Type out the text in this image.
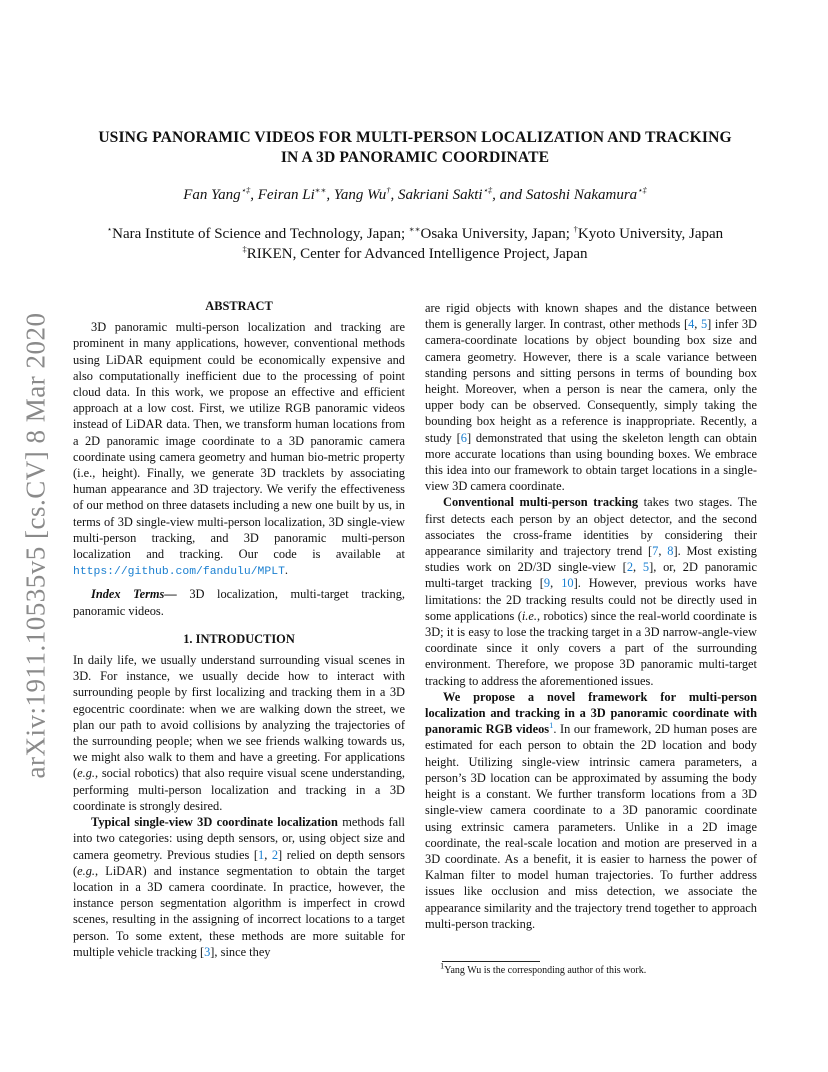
arXiv:1911.10535v5 [cs.CV] 8 Mar 2020
USING PANORAMIC VIDEOS FOR MULTI-PERSON LOCALIZATION AND TRACKING
IN A 3D PANORAMIC COORDINATE
Fan Yang⋆‡, Feiran Li∗∗, Yang Wu†, Sakriani Sakti⋆‡, and Satoshi Nakamura⋆‡
⋆Nara Institute of Science and Technology, Japan; ∗∗Osaka University, Japan; †Kyoto University, Japan
‡RIKEN, Center for Advanced Intelligence Project, Japan
ABSTRACT

3D panoramic multi-person localization and tracking are prominent in many applications, however, conventional methods using LiDAR equipment could be economically expensive and also computationally inefficient due to the processing of point cloud data. In this work, we propose an effective and efficient approach at a low cost. First, we utilize RGB panoramic videos instead of LiDAR data. Then, we transform human locations from a 2D panoramic image coordinate to a 3D panoramic camera coordinate using camera geometry and human bio-metric property (i.e., height). Finally, we generate 3D tracklets by associating human appearance and 3D trajectory. We verify the effectiveness of our method on three datasets including a new one built by us, in terms of 3D single-view multi-person localization, 3D single-view multi-person tracking, and 3D panoramic multi-person localization and tracking. Our code is available at https://github.com/fandulu/MPLT.

Index Terms— 3D localization, multi-target tracking, panoramic videos.

1. INTRODUCTION

In daily life, we usually understand surrounding visual scenes in 3D. For instance, we usually decide how to interact with surrounding people by first localizing and tracking them in a 3D egocentric coordinate: when we are walking down the street, we plan our path to avoid collisions by analyzing the trajectories of the surrounding people; when we see friends walking towards us, we might also walk to them and have a greeting. For applications (e.g., social robotics) that also require visual scene understanding, performing multi-person localization and tracking in a 3D coordinate is strongly desired.

Typical single-view 3D coordinate localization methods fall into two categories: using depth sensors, or, using object size and camera geometry. Previous studies [1, 2] relied on depth sensors (e.g., LiDAR) and instance segmentation to obtain the target location in a 3D camera coordinate. In practice, however, the instance person segmentation algorithm is imperfect in crowd scenes, resulting in the assigning of incorrect locations to a target person. To some extent, these methods are more suitable for multiple vehicle tracking [3], since they

are rigid objects with known shapes and the distance between them is generally larger. In contrast, other methods [4, 5] infer 3D camera-coordinate locations by object bounding box size and camera geometry. However, there is a scale variance between standing persons and sitting persons in terms of bounding box height. Moreover, when a person is near the camera, only the upper body can be observed. Consequently, simply taking the bounding box height as a reference is inappropriate. Recently, a study [6] demonstrated that using the skeleton length can obtain more accurate locations than using bounding boxes. We embrace this idea into our framework to obtain target locations in a single-view 3D camera coordinate.

Conventional multi-person tracking takes two stages. The first detects each person by an object detector, and the second associates the cross-frame identities by considering their appearance similarity and trajectory trend [7, 8]. Most existing studies work on 2D/3D single-view [2, 5], or, 2D panoramic multi-target tracking [9, 10]. However, previous works have limitations: the 2D tracking results could not be directly used in some applications (i.e., robotics) since the real-world coordinate is 3D; it is easy to lose the tracking target in a 3D narrow-angle-view coordinate since it only covers a part of the surrounding environment. Therefore, we propose 3D panoramic multi-target tracking to address the aforementioned issues.

We propose a novel framework for multi-person localization and tracking in a 3D panoramic coordinate with panoramic RGB videos$^1$. In our framework, 2D human poses are estimated for each person to obtain the 2D location and body height. Utilizing single-view intrinsic camera parameters, a person’s 3D location can be approximated by assuming the body height is a constant. We further transform locations from a 3D single-view camera coordinate to a 3D panoramic coordinate using extrinsic camera parameters. Unlike in a 2D image coordinate, the real-scale location and motion are preserved in a 3D coordinate. As a benefit, it is easier to harness the power of Kalman filter to model human trajectories. To further address issues like occlusion and miss detection, we associate the appearance similarity and the trajectory trend together to approach multi-person tracking.

$^1$Yang Wu is the corresponding author of this work.
